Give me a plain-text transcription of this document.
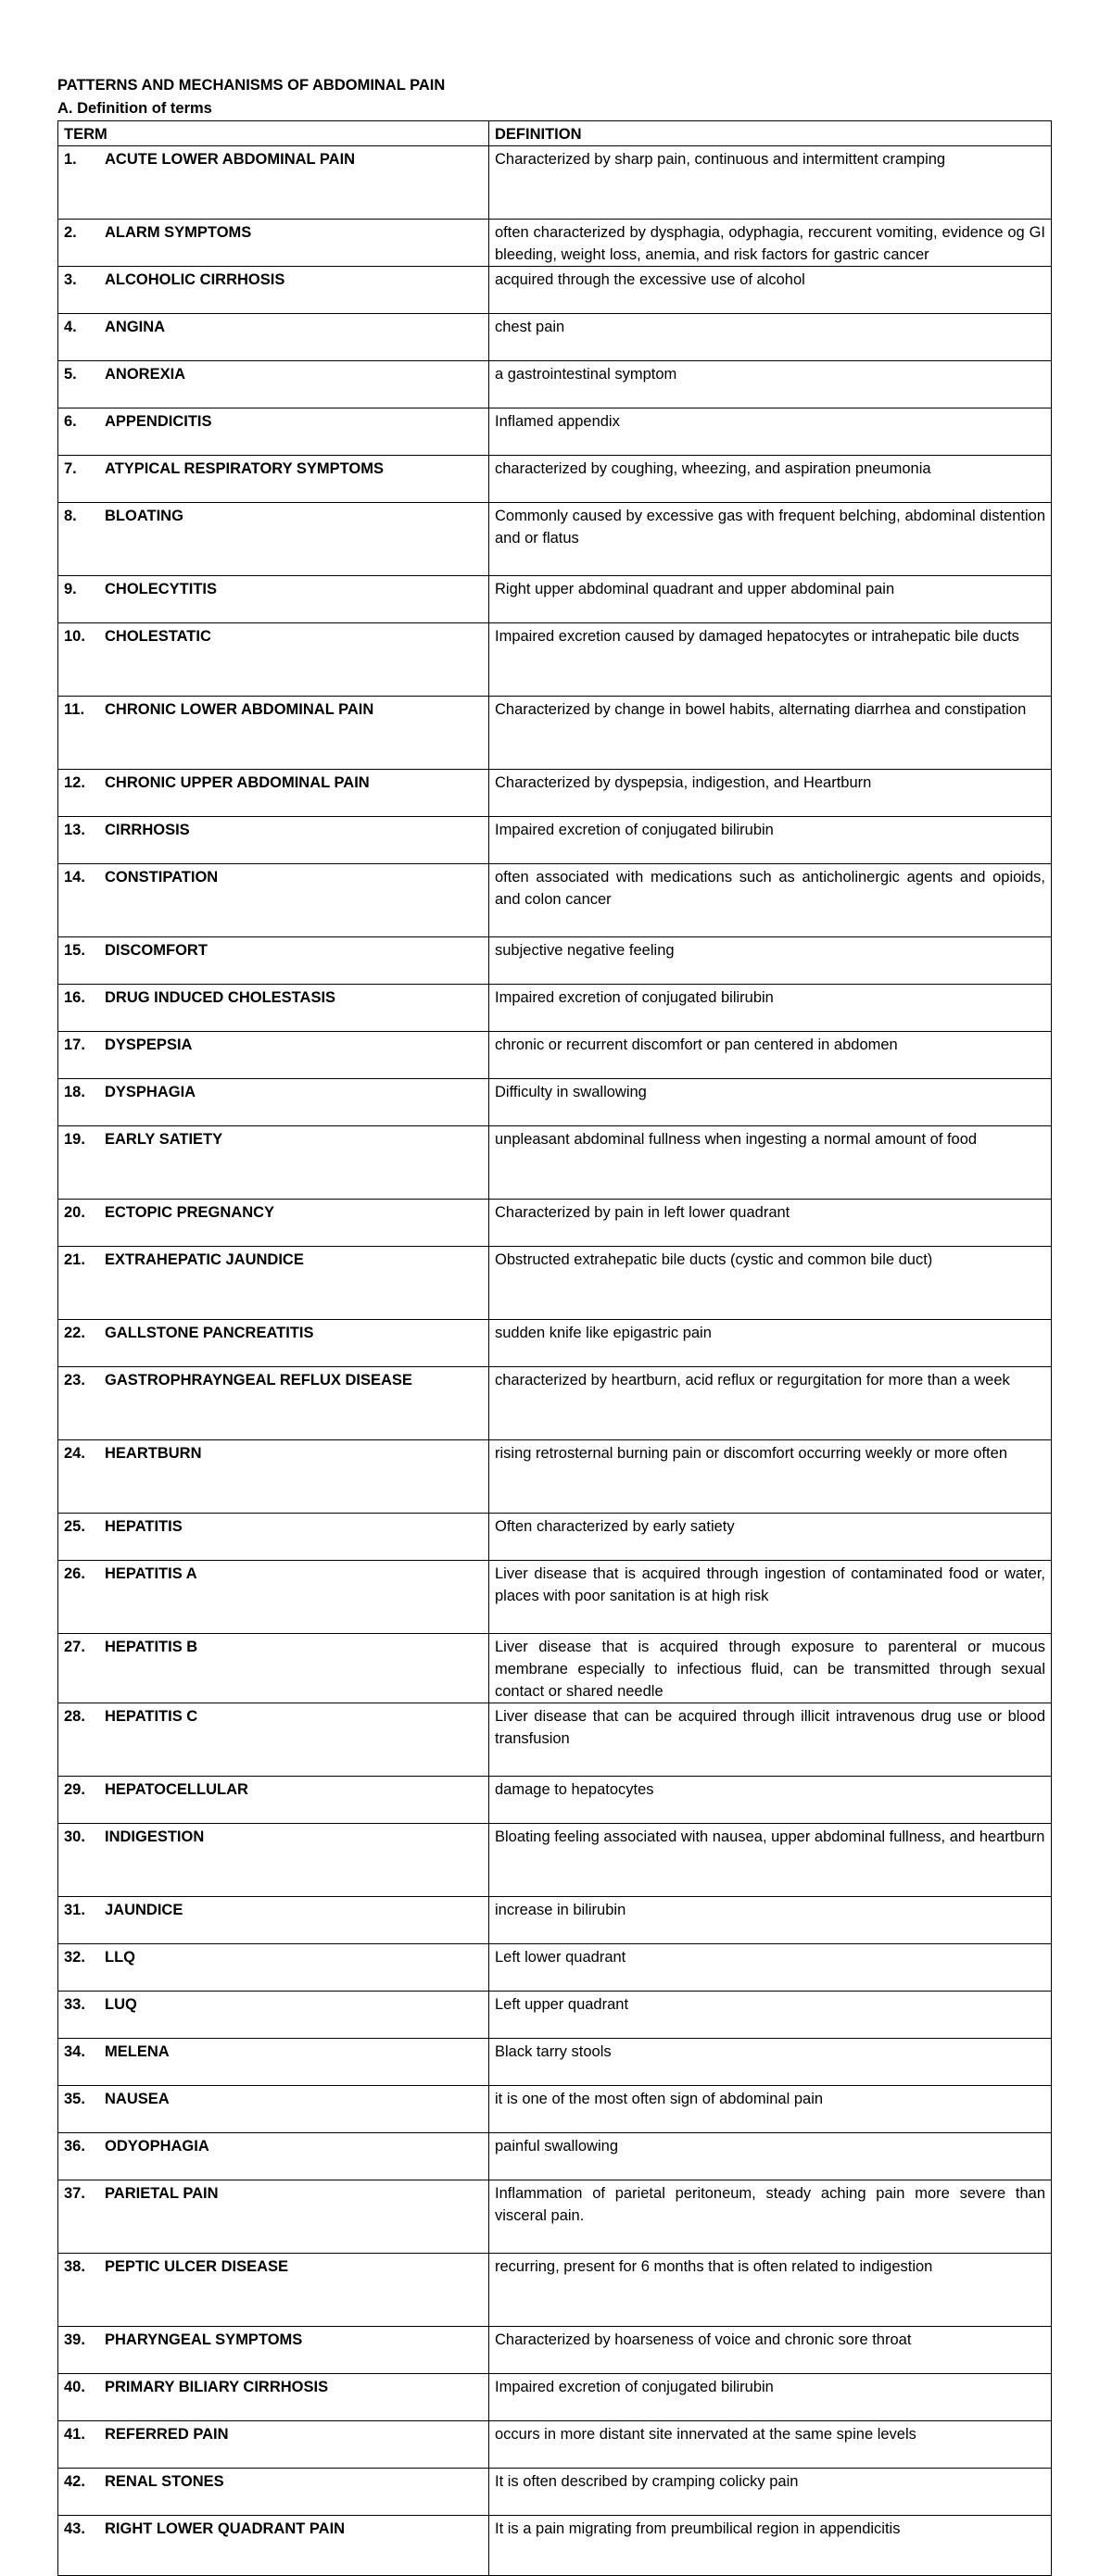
PATTERNS AND MECHANISMS OF ABDOMINAL PAIN
A. Definition of terms
TERM	DEFINITION
1. ACUTE LOWER ABDOMINAL PAIN	Characterized by sharp pain, continuous and intermittent cramping
2. ALARM SYMPTOMS	often characterized by dysphagia, odyphagia, reccurent vomiting, evidence og GI bleeding, weight loss, anemia, and risk factors for gastric cancer
3. ALCOHOLIC CIRRHOSIS	acquired through the excessive use of alcohol
4. ANGINA	chest pain
5. ANOREXIA	a gastrointestinal symptom
6. APPENDICITIS	Inflamed appendix
7. ATYPICAL RESPIRATORY SYMPTOMS	characterized by coughing, wheezing, and aspiration pneumonia
8. BLOATING	Commonly caused by excessive gas with frequent belching, abdominal distention and or flatus
9. CHOLECYTITIS	Right upper abdominal quadrant and upper abdominal pain
10. CHOLESTATIC	Impaired excretion caused by damaged hepatocytes or intrahepatic bile ducts
11. CHRONIC LOWER ABDOMINAL PAIN	Characterized by change in bowel habits, alternating diarrhea and constipation
12. CHRONIC UPPER ABDOMINAL PAIN	Characterized by dyspepsia, indigestion, and Heartburn
13. CIRRHOSIS	Impaired excretion of conjugated bilirubin
14. CONSTIPATION	often associated with medications such as anticholinergic agents and opioids, and colon cancer
15. DISCOMFORT	subjective negative feeling
16. DRUG INDUCED CHOLESTASIS	Impaired excretion of conjugated bilirubin
17. DYSPEPSIA	chronic or recurrent discomfort or pan centered in abdomen
18. DYSPHAGIA	Difficulty in swallowing
19. EARLY SATIETY	unpleasant abdominal fullness when ingesting a normal amount of food
20. ECTOPIC PREGNANCY	Characterized by pain in left lower quadrant
21. EXTRAHEPATIC JAUNDICE	Obstructed extrahepatic bile ducts (cystic and common bile duct)
22. GALLSTONE PANCREATITIS	sudden knife like epigastric pain
23. GASTROPHRAYNGEAL REFLUX DISEASE	characterized by heartburn, acid reflux or regurgitation for more than a week
24. HEARTBURN	rising retrosternal burning pain or discomfort occurring weekly or more often
25. HEPATITIS	Often characterized by early satiety
26. HEPATITIS A	Liver disease that is acquired through ingestion of contaminated food or water, places with poor sanitation is at high risk
27. HEPATITIS B	Liver disease that is acquired through exposure to parenteral or mucous membrane especially to infectious fluid, can be transmitted through sexual contact or shared needle
28. HEPATITIS C	Liver disease that can be acquired through illicit intravenous drug use or blood transfusion
29. HEPATOCELLULAR	damage to hepatocytes
30. INDIGESTION	Bloating feeling associated with nausea, upper abdominal fullness, and heartburn
31. JAUNDICE	increase in bilirubin
32. LLQ	Left lower quadrant
33. LUQ	Left upper quadrant
34. MELENA	Black tarry stools
35. NAUSEA	it is one of the most often sign of abdominal pain
36. ODYOPHAGIA	painful swallowing
37. PARIETAL PAIN	Inflammation of parietal peritoneum, steady aching pain more severe than visceral pain.
38. PEPTIC ULCER DISEASE	recurring, present for 6 months that is often related to indigestion
39. PHARYNGEAL SYMPTOMS	Characterized by hoarseness of voice and chronic sore throat
40. PRIMARY BILIARY CIRRHOSIS	Impaired excretion of conjugated bilirubin
41. REFERRED PAIN	occurs in more distant site innervated at the same spine levels
42. RENAL STONES	It is often described by cramping colicky pain
43. RIGHT LOWER QUADRANT PAIN	It is a pain migrating from preumbilical region in appendicitis
